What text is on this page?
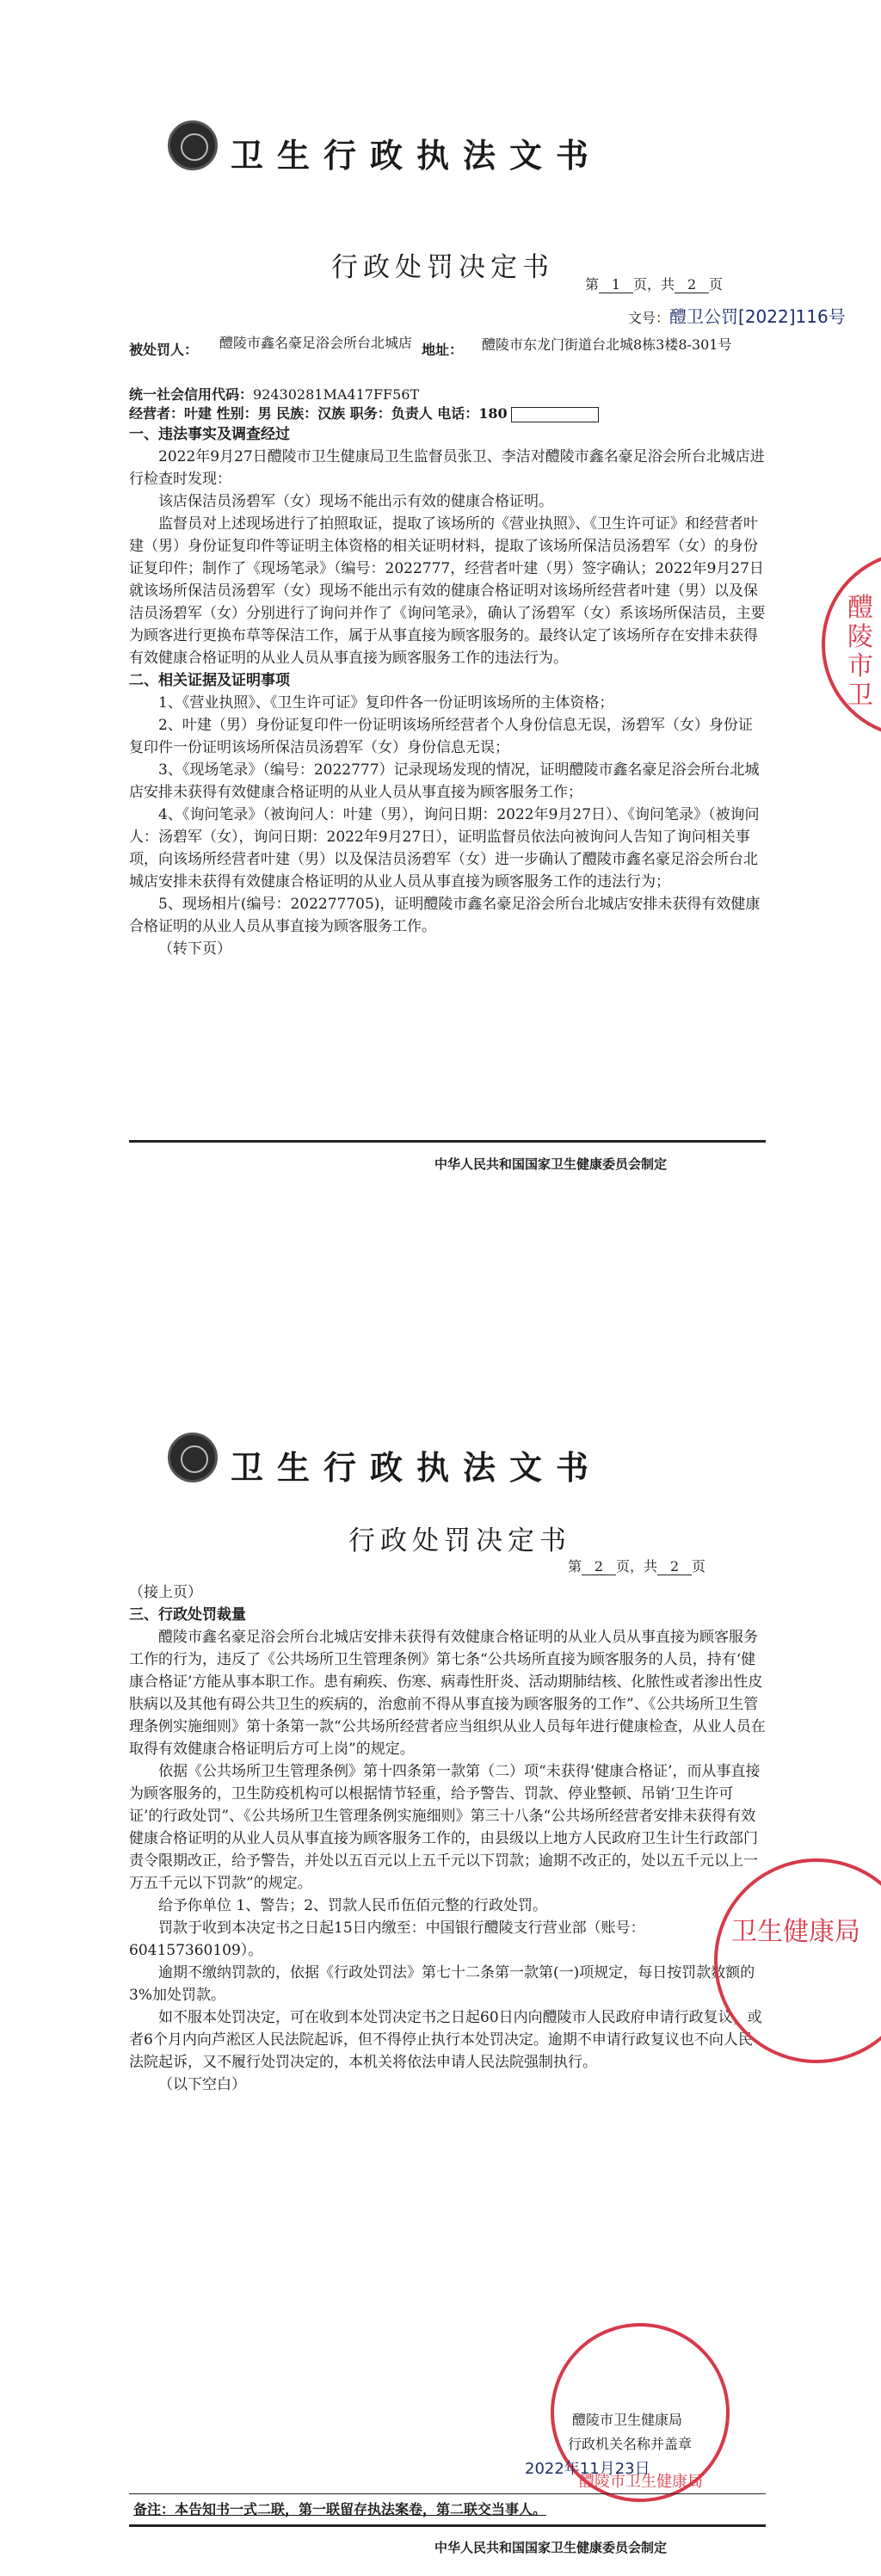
卫生行政执法文书
行政处罚决定书
第 1 页，共 2 页
文号：醴卫公罚[2022]116号
被处罚人： 醴陵市鑫名豪足浴会所台北城店 地址： 醴陵市东龙门街道台北城8栋3楼8-301号
统一社会信用代码：92430281MA417FF56T
经营者：叶建 性别：男 民族：汉族 职务：负责人 电话：180
一、违法事实及调查经过

2022年9月27日醴陵市卫生健康局卫生监督员张卫、李洁对醴陵市鑫名豪足浴会所台北城店进行检查时发现：

该店保洁员汤碧军（女）现场不能出示有效的健康合格证明。

监督员对上述现场进行了拍照取证，提取了该场所的《营业执照》、《卫生许可证》和经营者叶建（男）身份证复印件等证明主体资格的相关证明材料，提取了该场所保洁员汤碧军（女）的身份证复印件；制作了《现场笔录》（编号：2022777，经营者叶建（男）签字确认；2022年9月27日就该场所保洁员汤碧军（女）现场不能出示有效的健康合格证明对该场所经营者叶建（男）以及保洁员汤碧军（女）分别进行了询问并作了《询问笔录》，确认了汤碧军（女）系该场所保洁员，主要为顾客进行更换布草等保洁工作，属于从事直接为顾客服务的。最终认定了该场所存在安排未获得有效健康合格证明的从业人员从事直接为顾客服务工作的违法行为。

二、相关证据及证明事项

1、《营业执照》、《卫生许可证》复印件各一份证明该场所的主体资格；

2、叶建（男）身份证复印件一份证明该场所经营者个人身份信息无误，汤碧军（女）身份证复印件一份证明该场所保洁员汤碧军（女）身份信息无误；

3、《现场笔录》（编号：2022777）记录现场发现的情况，证明醴陵市鑫名豪足浴会所台北城店安排未获得有效健康合格证明的从业人员从事直接为顾客服务工作；

4、《询问笔录》（被询问人：叶建（男），询问日期：2022年9月27日）、《询问笔录》（被询问人：汤碧军（女），询问日期：2022年9月27日），证明监督员依法向被询问人告知了询问相关事项，向该场所经营者叶建（男）以及保洁员汤碧军（女）进一步确认了醴陵市鑫名豪足浴会所台北城店安排未获得有效健康合格证明的从业人员从事直接为顾客服务工作的违法行为；

5、现场相片(编号：202277705)，证明醴陵市鑫名豪足浴会所台北城店安排未获得有效健康合格证明的从业人员从事直接为顾客服务工作。

（转下页）

醴陵市卫
中华人民共和国国家卫生健康委员会制定
卫生行政执法文书
行政处罚决定书
第 2 页，共 2 页
（接上页）
三、行政处罚裁量

醴陵市鑫名豪足浴会所台北城店安排未获得有效健康合格证明的从业人员从事直接为顾客服务工作的行为，违反了《公共场所卫生管理条例》第七条“公共场所直接为顾客服务的人员，持有‘健康合格证’方能从事本职工作。患有痢疾、伤寒、病毒性肝炎、活动期肺结核、化脓性或者渗出性皮肤病以及其他有碍公共卫生的疾病的，治愈前不得从事直接为顾客服务的工作”、《公共场所卫生管理条例实施细则》第十条第一款“公共场所经营者应当组织从业人员每年进行健康检查，从业人员在取得有效健康合格证明后方可上岗”的规定。

依据《公共场所卫生管理条例》第十四条第一款第（二）项“未获得‘健康合格证’，而从事直接为顾客服务的，卫生防疫机构可以根据情节轻重，给予警告、罚款、停业整顿、吊销‘卫生许可证’的行政处罚”、《公共场所卫生管理条例实施细则》第三十八条“公共场所经营者安排未获得有效健康合格证明的从业人员从事直接为顾客服务工作的，由县级以上地方人民政府卫生计生行政部门责令限期改正，给予警告，并处以五百元以上五千元以下罚款；逾期不改正的，处以五千元以上一万五千元以下罚款”的规定。

给予你单位 1、警告；2、罚款人民币伍佰元整的行政处罚。

罚款于收到本决定书之日起15日内缴至：中国银行醴陵支行营业部（账号：604157360109）。

逾期不缴纳罚款的，依据《行政处罚法》第七十二条第一款第(一)项规定，每日按罚款数额的3%加处罚款。

如不服本处罚决定，可在收到本处罚决定书之日起60日内向醴陵市人民政府申请行政复议，或者6个月内向芦淞区人民法院起诉，但不得停止执行本处罚决定。逾期不申请行政复议也不向人民法院起诉，又不履行处罚决定的，本机关将依法申请人民法院强制执行。

（以下空白）

卫生健康局
醴陵市卫生健康局
醴陵市卫生健康局
行政机关名称并盖章
2022年11月23日
备注：本告知书一式二联，第一联留存执法案卷，第二联交当事人。
中华人民共和国国家卫生健康委员会制定
